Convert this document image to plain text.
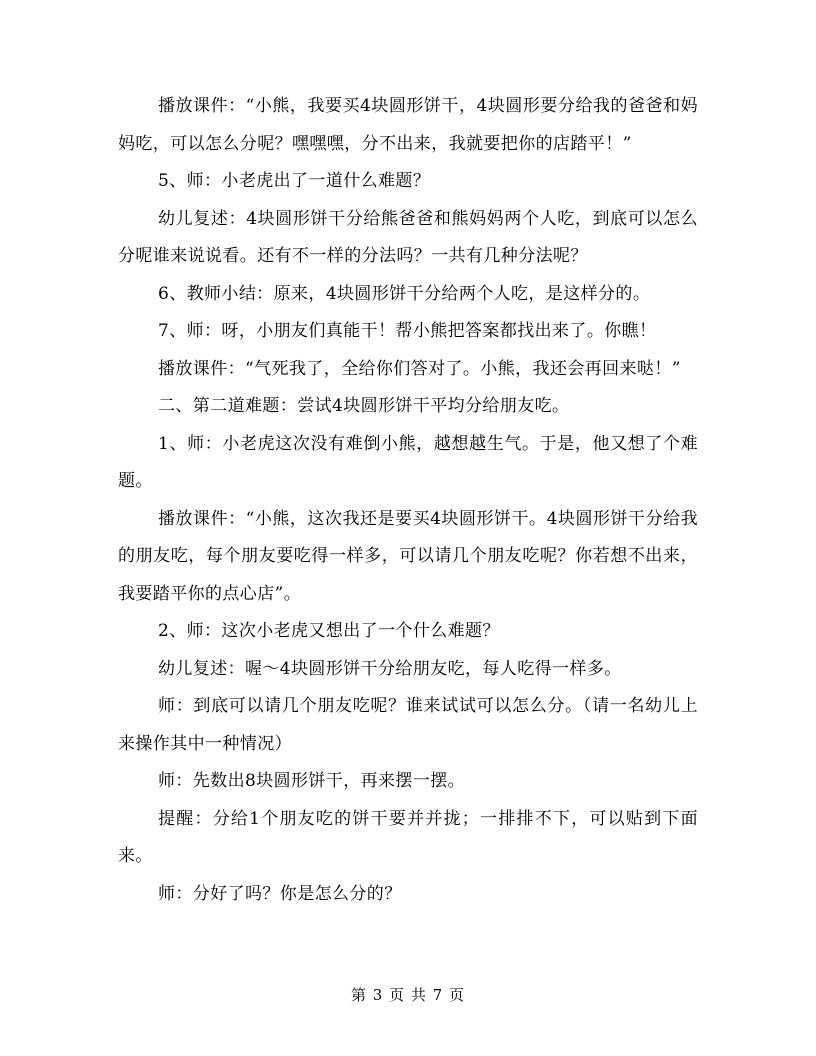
播放课件：“小熊，我要买4块圆形饼干，4块圆形要分给我的爸爸和妈妈吃，可以怎么分呢？嘿嘿嘿，分不出来，我就要把你的店踏平！”

5、师：小老虎出了一道什么难题？

幼儿复述：4块圆形饼干分给熊爸爸和熊妈妈两个人吃，到底可以怎么分呢谁来说说看。还有不一样的分法吗？一共有几种分法呢？

6、教师小结：原来，4块圆形饼干分给两个人吃，是这样分的。

7、师：呀，小朋友们真能干！帮小熊把答案都找出来了。你瞧！

播放课件：“气死我了，全给你们答对了。小熊，我还会再回来哒！”

二、第二道难题：尝试4块圆形饼干平均分给朋友吃。

1、师：小老虎这次没有难倒小熊，越想越生气。于是，他又想了个难题。

播放课件：“小熊，这次我还是要买4块圆形饼干。4块圆形饼干分给我的朋友吃，每个朋友要吃得一样多，可以请几个朋友吃呢？你若想不出来，我要踏平你的点心店”。

2、师：这次小老虎又想出了一个什么难题？

幼儿复述：喔～4块圆形饼干分给朋友吃，每人吃得一样多。

师：到底可以请几个朋友吃呢？谁来试试可以怎么分。（请一名幼儿上来操作其中一种情况）

师：先数出8块圆形饼干，再来摆一摆。

提醒：分给1个朋友吃的饼干要并并拢；一排排不下，可以贴到下面来。

师：分好了吗？你是怎么分的？

第 3 页 共 7 页
